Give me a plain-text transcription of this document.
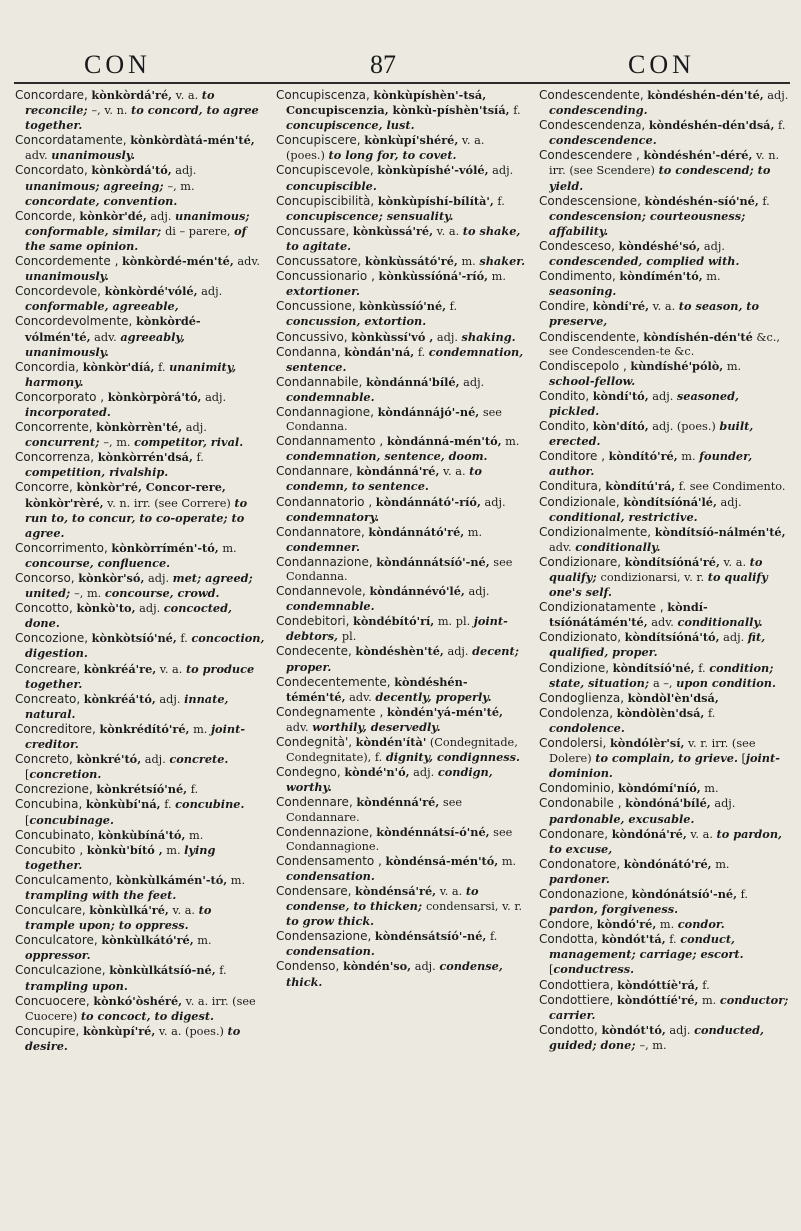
CON	87	CON

Concordare, kònkòrdá'ré, v. a. to reconcile; –, v. n. to concord, to agree together.

Concordatamente, kònkòrdàtá-mén'té, adv. unanimously.

Concordato, kònkòrdá'tó, adj. unanimous; agreeing; –, m. concordate, convention.

Concorde, kònkòr'dé, adj. unanimous; conformable, similar; di – parere, of the same opinion.

Concordemente , kònkòrdé-mén'té, adv. unanimously.

Concordevole, kònkòrdé'vólé, adj. conformable, agreeable,

Concordevolmente, kònkòrdé-vólmén'té, adv. agreeably, unanimously.

Concordia, kònkòr'díá, f. unanimity, harmony.

Concorporato , kònkòrpòrá'tó, adj. incorporated.

Concorrente, kònkòrrèn'té, adj. concurrent; –, m. competitor, rival.

Concorrenza, kònkòrrén'dsá, f. competition, rivalship.

Concorre, kònkòr'ré, Concor-rere, kònkòr'rèré, v. n. irr. (see Correre) to run to, to concur, to co-operate; to agree.

Concorrimento, kònkòrrímén'-tó, m. concourse, confluence.

Concorso, kònkòr'só, adj. met; agreed; united; –, m. concourse, crowd.

Concotto, kònkò'to, adj. concocted, done.

Concozione, kònkòtsíó'né, f. concoction, digestion.

Concreare, kònkréá're, v. a. to produce together.

Concreato, kònkréá'tó, adj. innate, natural.

Concreditore, kònkrédító'ré, m. joint-creditor.

Concreto, kònkré'tó, adj. concrete. [concretion.

Concrezione, kònkrétsíó'né, f.

Concubina, kònkùbí'ná, f. concubine. [concubinage.

Concubinato, kònkùbíná'tó, m.

Concubito , kònkù'bító , m. lying together.

Conculcamento, kònkùlkámén'-tó, m. trampling with the feet.

Conculcare, kònkùlká'ré, v. a. to trample upon; to oppress.

Conculcatore, kònkùlkátó'ré, m. oppressor.

Conculcazione, kònkùlkátsíó-né, f. trampling upon.

Concuocere, kònkó'òshéré, v. a. irr. (see Cuocere) to concoct, to digest.

Concupire, kònkùpí'ré, v. a. (poes.) to desire.

Concupiscenza, kònkùpíshèn'-tsá, Concupiscenzia, kònkù-píshèn'tsíá, f. concupiscence, lust.

Concupiscere, kònkùpí'shéré, v. a. (poes.) to long for, to covet.

Concupiscevole, kònkùpíshé'-vólé, adj. concupiscible.

Concupiscibilità, kònkùpíshí-bílítà', f. concupiscence; sensuality.

Concussare, kònkùssá'ré, v. a. to shake, to agitate.

Concussatore, kònkùssátó'ré, m. shaker.

Concussionario , kònkùssíóná'-ríó, m. extortioner.

Concussione, kònkùssíó'né, f. concussion, extortion.

Concussivo, kònkùssí'vó , adj. shaking.

Condanna, kòndán'ná, f. condemnation, sentence.

Condannabile, kòndánná'bílé, adj. condemnable.

Condannagione, kòndánnájó'-né, see Condanna.

Condannamento , kòndánná-mén'tó, m. condemnation, sentence, doom.

Condannare, kòndánná'ré, v. a. to condemn, to sentence.

Condannatorio , kòndánnátó'-ríó, adj. condemnatory.

Condannatore, kòndánnátó'ré, m. condemner.

Condannazione, kòndánnátsíó'-né, see Condanna.

Condannevole, kòndánnévó'lé, adj. condemnable.

Condebitori, kòndébító'rí, m. pl. joint-debtors, pl.

Condecente, kòndéshèn'té, adj. decent; proper.

Condecentemente, kòndéshén-témén'té, adv. decently, properly.

Condegnamente , kòndén'yá-mén'té, adv. worthily, deservedly.

Condegnità', kòndén'ítà' (Condegnitade, Condegnitate), f. dignity, condignness.

Condegno, kòndé'n'ó, adj. condign, worthy.

Condennare, kòndénná'ré, see Condannare.

Condennazione, kòndénnátsí-ó'né, see Condannagione.

Condensamento , kòndénsá-mén'tó, m. condensation.

Condensare, kòndénsá'ré, v. a. to condense, to thicken; condensarsi, v. r. to grow thick.

Condensazione, kòndénsátsíó'-né, f. condensation.

Condenso, kòndén'so, adj. condense, thick.

Condescendente, kòndéshén-dén'té, adj. condescending.

Condescendenza, kòndéshén-dén'dsá, f. condescendence.

Condescendere , kòndéshén'-déré, v. n. irr. (see Scendere) to condescend; to yield.

Condescensione, kòndéshén-síó'né, f. condescension; courteousness; affability.

Condesceso, kòndéshé'só, adj. condescended, complied with.

Condimento, kòndímén'tó, m. seasoning.

Condire, kòndí'ré, v. a. to season, to preserve,

Condiscendente, kòndíshén-dén'té &c., see Condescenden-te &c.

Condiscepolo , kùndíshé'pólò, m. school-fellow.

Condito, kòndí'tó, adj. seasoned, pickled.

Condito, kòn'dító, adj. (poes.) built, erected.

Conditore , kòndító'ré, m. founder, author.

Conditura, kòndítú'rá, f. see Condimento.

Condizionale, kòndítsíóná'lé, adj. conditional, restrictive.

Condizionalmente, kòndítsíó-nálmén'té, adv. conditionally.

Condizionare, kòndítsíóná'ré, v. a. to qualify; condizionarsi, v. r. to qualify one's self.

Condizionatamente , kòndí-tsíónátámén'té, adv. conditionally.

Condizionato, kòndítsíóná'tó, adj. fit, qualified, proper.

Condizione, kòndítsíó'né, f. condition; state, situation; a –, upon condition.

Condoglienza, kòndòl'èn'dsá,

Condolenza, kòndòlèn'dsá, f. condolence.

Condolersi, kòndólèr'sí, v. r. irr. (see Dolere) to complain, to grieve. [joint-dominion.

Condominio, kòndómí'níó, m.

Condonabile , kòndóná'bílé, adj. pardonable, excusable.

Condonare, kòndóná'ré, v. a. to pardon, to excuse,

Condonatore, kòndónátó'ré, m. pardoner.

Condonazione, kòndónátsíó'-né, f. pardon, forgiveness.

Condore, kòndó'ré, m. condor.

Condotta, kòndót'tá, f. conduct, management; carriage; escort. [conductress.

Condottiera, kòndóttíè'rá, f.

Condottiere, kòndóttíé'ré, m. conductor; carrier.

Condotto, kòndót'tó, adj. conducted, guided; done; –, m.
